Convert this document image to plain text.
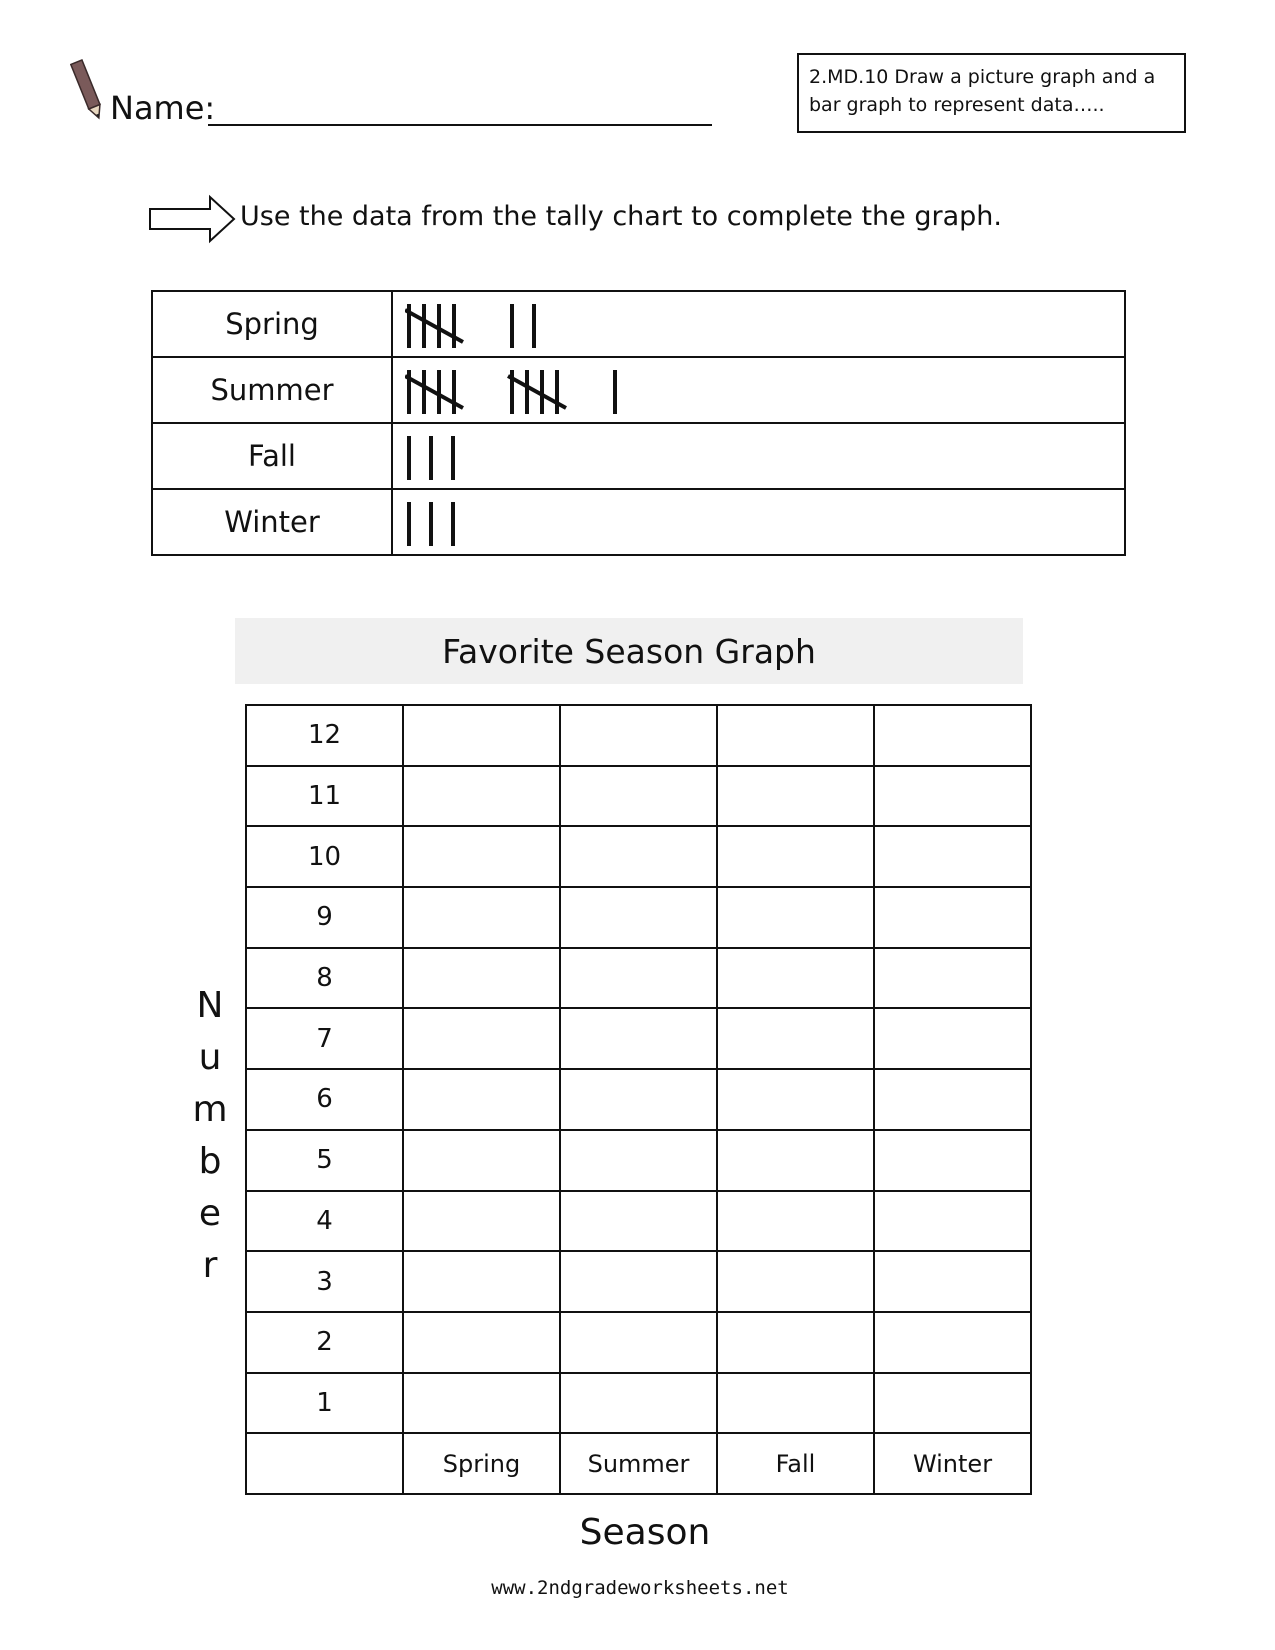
Name:
2.MD.10 Draw a picture graph and a bar graph to represent data…..
Use the data from the tally chart to complete the graph.
Spring	

Summer	

Fall	

Winter	
Favorite Season Graph
12				
11				
10				
9				
8				
7				
6				
5				
4				
3				
2				
1				
	Spring	Summer	Fall	Winter
N
u
m
b
e
r
Season
www.2ndgradeworksheets.net
